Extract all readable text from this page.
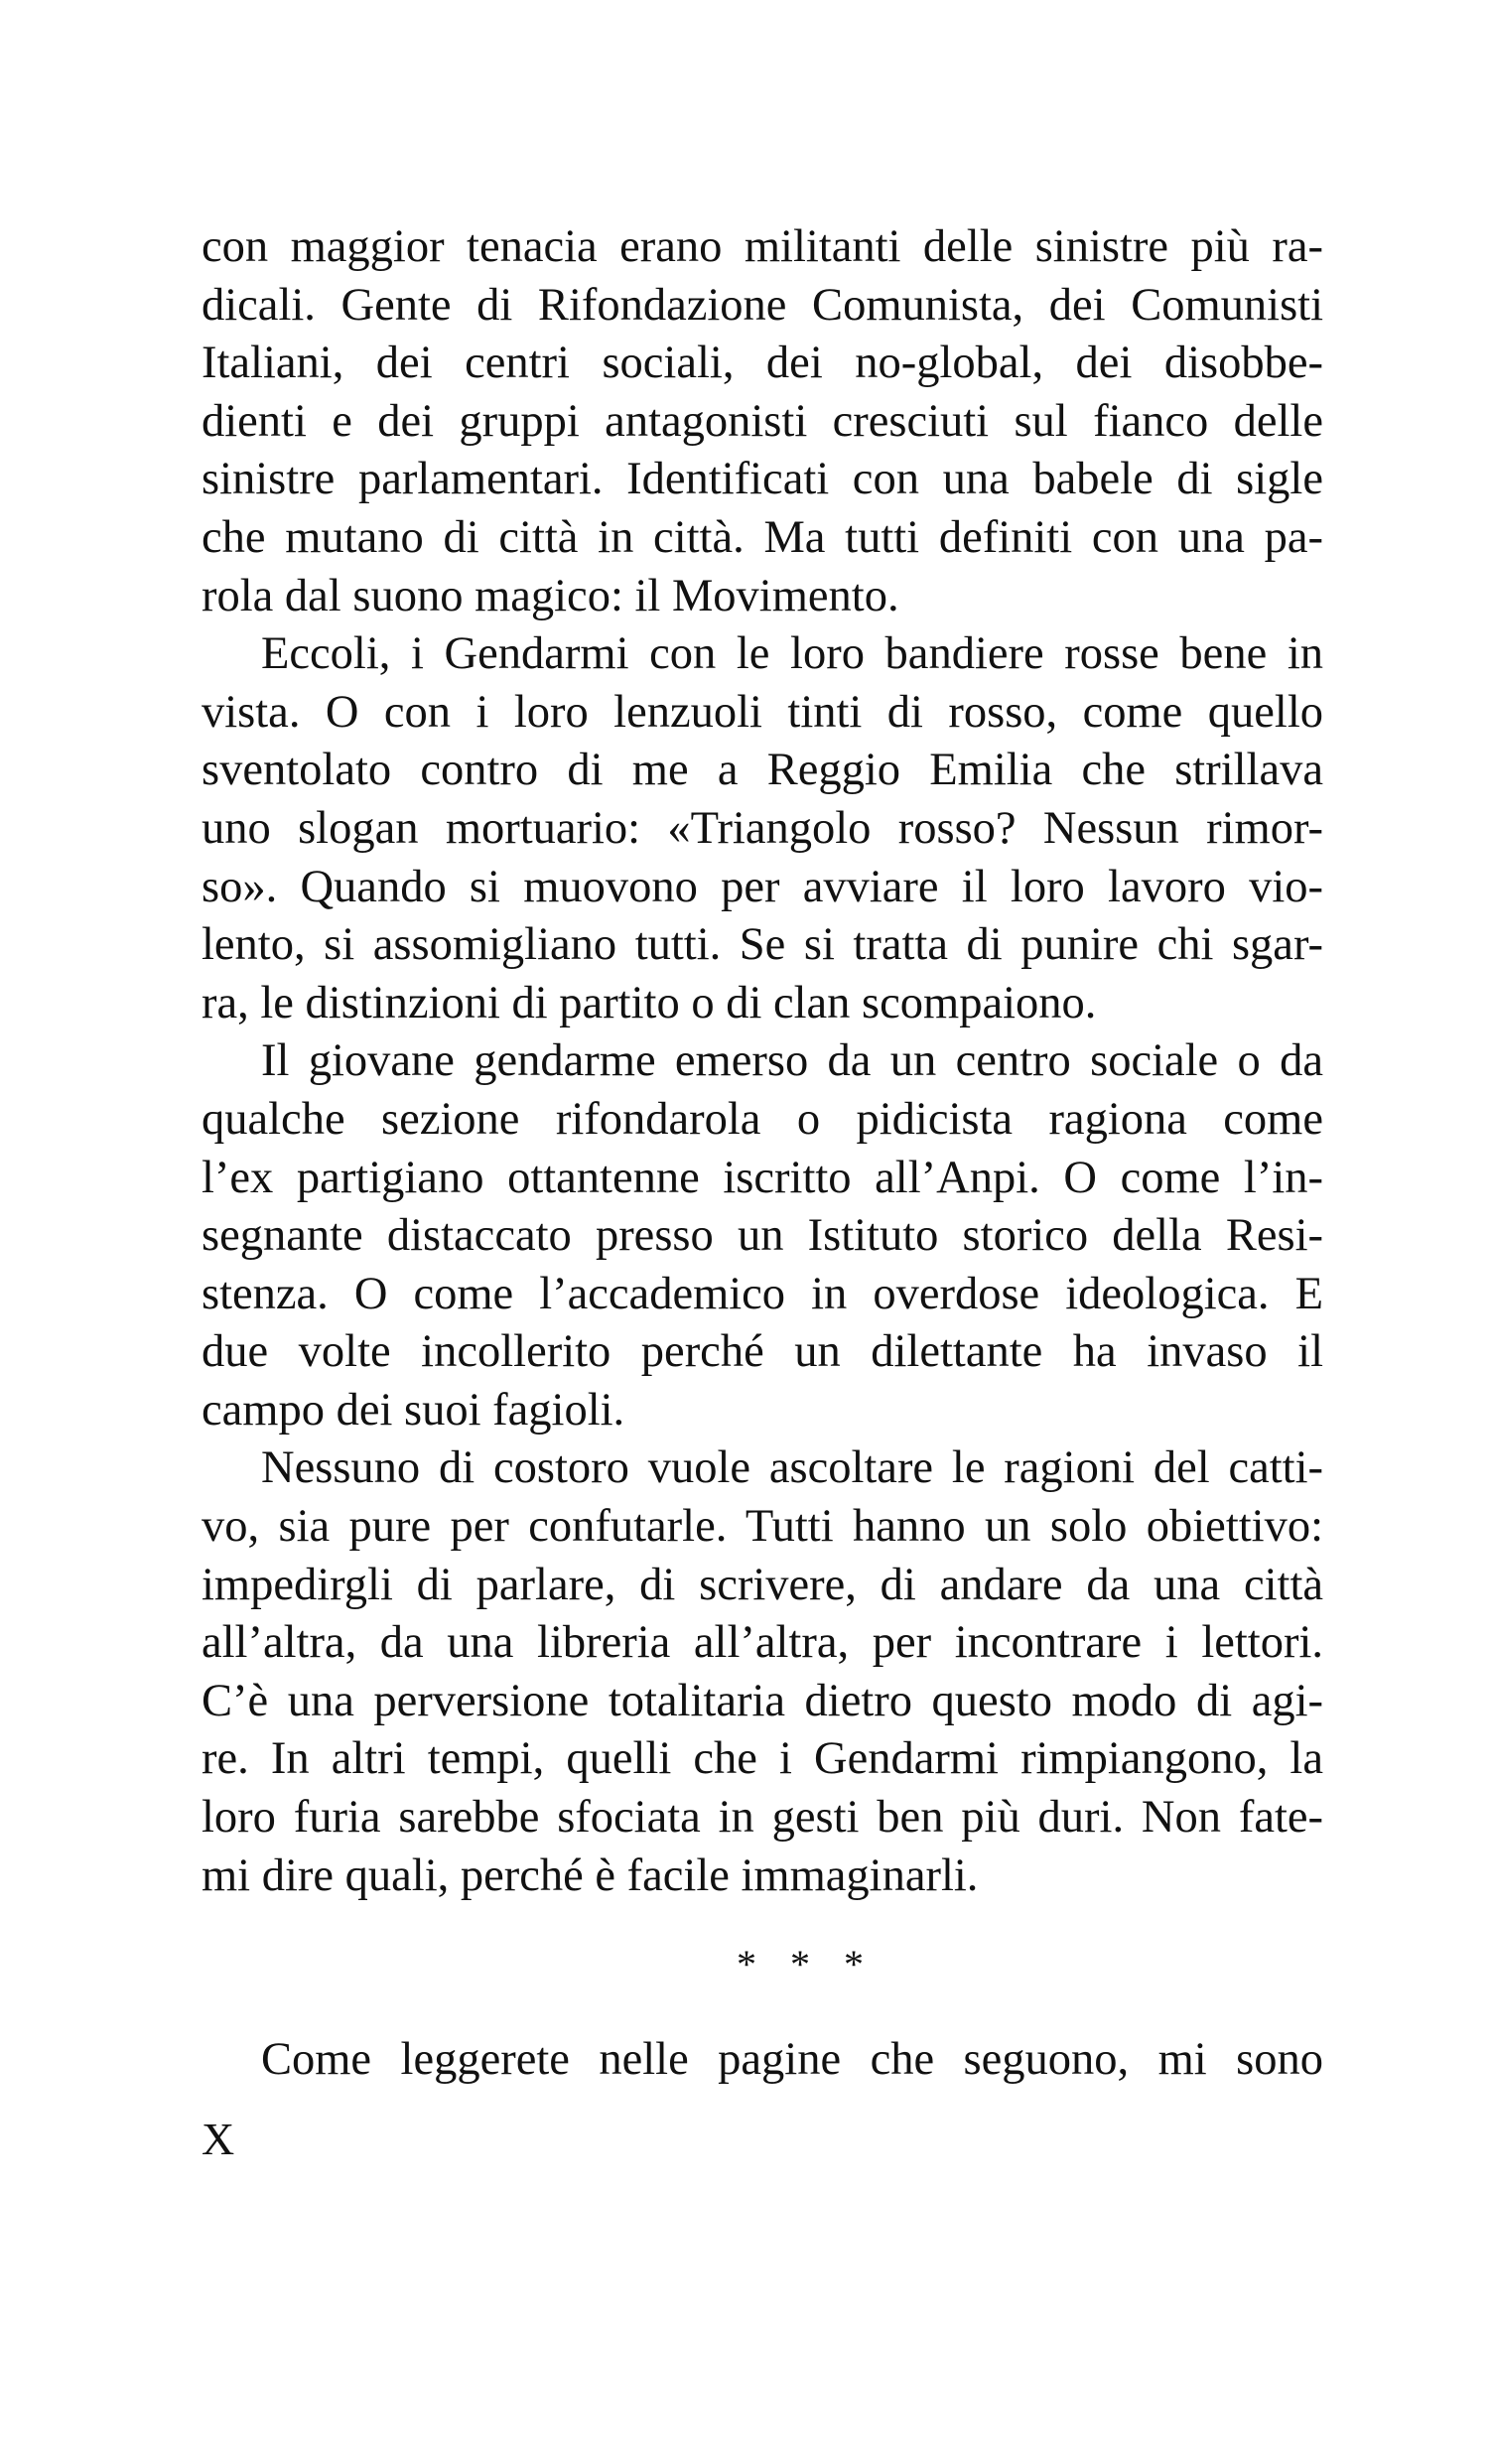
con maggior tenacia erano militanti delle sinistre più ra-
dicali. Gente di Rifondazione Comunista, dei Comunisti
Italiani, dei centri sociali, dei no-global, dei disobbe-
dienti e dei gruppi antagonisti cresciuti sul fianco delle
sinistre parlamentari. Identificati con una babele di sigle
che mutano di città in città. Ma tutti definiti con una pa-
rola dal suono magico: il Movimento.
Eccoli, i Gendarmi con le loro bandiere rosse bene in
vista. O con i loro lenzuoli tinti di rosso, come quello
sventolato contro di me a Reggio Emilia che strillava
uno slogan mortuario: «Triangolo rosso? Nessun rimor-
so». Quando si muovono per avviare il loro lavoro vio-
lento, si assomigliano tutti. Se si tratta di punire chi sgar-
ra, le distinzioni di partito o di clan scompaiono.
Il giovane gendarme emerso da un centro sociale o da
qualche sezione rifondarola o pidicista ragiona come
l’ex partigiano ottantenne iscritto all’Anpi. O come l’in-
segnante distaccato presso un Istituto storico della Resi-
stenza. O come l’accademico in overdose ideologica. E
due volte incollerito perché un dilettante ha invaso il
campo dei suoi fagioli.
Nessuno di costoro vuole ascoltare le ragioni del catti-
vo, sia pure per confutarle. Tutti hanno un solo obiettivo:
impedirgli di parlare, di scrivere, di andare da una città
all’altra, da una libreria all’altra, per incontrare i lettori.
C’è una perversione totalitaria dietro questo modo di agi-
re. In altri tempi, quelli che i Gendarmi rimpiangono, la
loro furia sarebbe sfociata in gesti ben più duri. Non fate-
mi dire quali, perché è facile immaginarli.
* * *
Come leggerete nelle pagine che seguono, mi sono
X
